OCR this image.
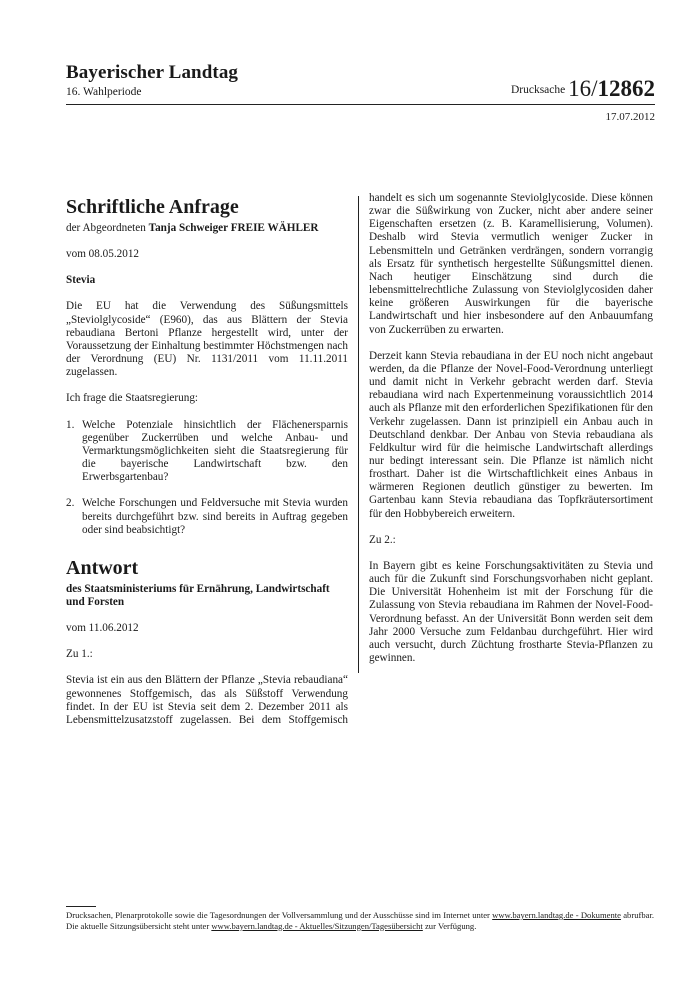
Bayerischer Landtag
16. Wahlperiode	Drucksache 16/12862
17.07.2012
Schriftliche Anfrage

der Abgeordneten Tanja Schweiger FREIE WÄHLER

vom 08.05.2012

Stevia

Die EU hat die Verwendung des Süßungsmittels „Steviolglycoside“ (E960), das aus Blättern der Stevia rebaudiana Bertoni Pflanze hergestellt wird, unter der Voraussetzung der Einhaltung bestimmter Höchstmengen nach der Verordnung (EU) Nr. 1131/2011 vom 11.11.2011 zugelassen.

Ich frage die Staatsregierung:

1. Welche Potenziale hinsichtlich der Flächenersparnis gegenüber Zuckerrüben und welche Anbau- und Vermarktungsmöglichkeiten sieht die Staatsregierung für die bayerische Landwirtschaft bzw. den Erwerbsgartenbau?
2. Welche Forschungen und Feldversuche mit Stevia wurden bereits durchgeführt bzw. sind bereits in Auftrag gegeben oder sind beabsichtigt?
Antwort

des Staatsministeriums für Ernährung, Landwirtschaft und Forsten

vom 11.06.2012

Zu 1.:

Stevia ist ein aus den Blättern der Pflanze „Stevia rebaudiana“ gewonnenes Stoffgemisch, das als Süßstoff Verwendung findet. In der EU ist Stevia seit dem 2. Dezember 2011 als Lebensmittelzusatzstoff zugelassen. Bei dem Stoffgemisch

handelt es sich um sogenannte Steviolglycoside. Diese können zwar die Süßwirkung von Zucker, nicht aber andere seiner Eigenschaften ersetzen (z. B. Karamellisierung, Volumen). Deshalb wird Stevia vermutlich weniger Zucker in Lebensmitteln und Getränken verdrängen, sondern vorrangig als Ersatz für synthetisch hergestellte Süßungsmittel dienen. Nach heutiger Einschätzung sind durch die lebensmittelrechtliche Zulassung von Steviolglycosiden daher keine größeren Auswirkungen für die bayerische Landwirtschaft und hier insbesondere auf den Anbauumfang von Zuckerrüben zu erwarten.

Derzeit kann Stevia rebaudiana in der EU noch nicht angebaut werden, da die Pflanze der Novel-Food-Verordnung unterliegt und damit nicht in Verkehr gebracht werden darf. Stevia rebaudiana wird nach Expertenmeinung voraussichtlich 2014 auch als Pflanze mit den erforderlichen Spezifikationen für den Verkehr zugelassen. Dann ist prinzipiell ein Anbau auch in Deutschland denkbar. Der Anbau von Stevia rebaudiana als Feldkultur wird für die heimische Landwirtschaft allerdings nur bedingt interessant sein. Die Pflanze ist nämlich nicht frosthart. Daher ist die Wirtschaftlichkeit eines Anbaus in wärmeren Regionen deutlich günstiger zu bewerten. Im Gartenbau kann Stevia rebaudiana das Topfkräutersortiment für den Hobbybereich erweitern.

Zu 2.:

In Bayern gibt es keine Forschungsaktivitäten zu Stevia und auch für die Zukunft sind Forschungsvorhaben nicht geplant. Die Universität Hohenheim ist mit der Forschung für die Zulassung von Stevia rebaudiana im Rahmen der Novel-Food-Verordnung befasst. An der Universität Bonn werden seit dem Jahr 2000 Versuche zum Feldanbau durchgeführt. Hier wird auch versucht, durch Züchtung frostharte Stevia-Pflanzen zu gewinnen.

Drucksachen, Plenarprotokolle sowie die Tagesordnungen der Vollversammlung und der Ausschüsse sind im Internet unter www.bayern.landtag.de - Dokumente abrufbar. Die aktuelle Sitzungsübersicht steht unter www.bayern.landtag.de - Aktuelles/Sitzungen/Tagesübersicht zur Verfügung.
